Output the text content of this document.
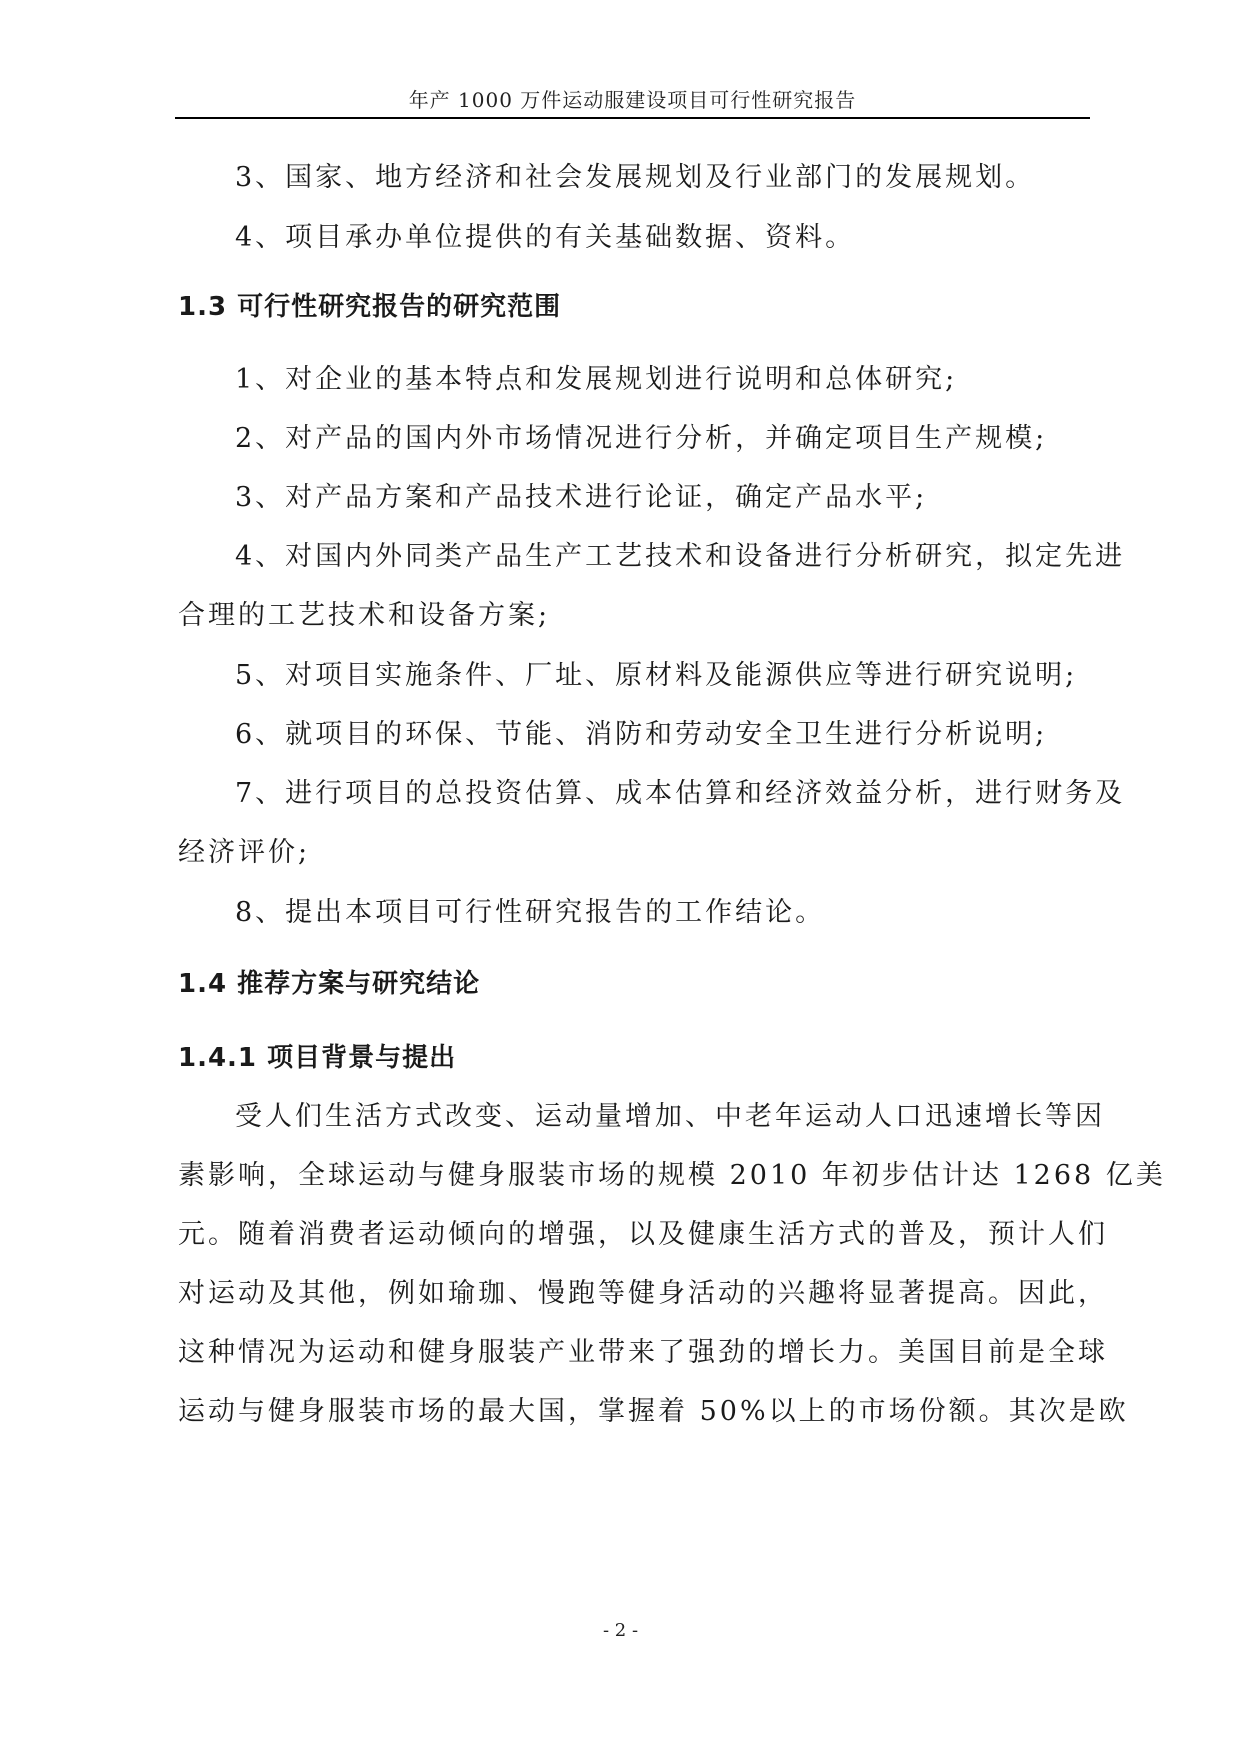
年产 1000 万件运动服建设项目可行性研究报告
3、国家、地方经济和社会发展规划及行业部门的发展规划。
4、项目承办单位提供的有关基础数据、资料。
1.3 可行性研究报告的研究范围
1、对企业的基本特点和发展规划进行说明和总体研究;
2、对产品的国内外市场情况进行分析，并确定项目生产规模;
3、对产品方案和产品技术进行论证，确定产品水平;
4、对国内外同类产品生产工艺技术和设备进行分析研究，拟定先进
合理的工艺技术和设备方案;
5、对项目实施条件、厂址、原材料及能源供应等进行研究说明;
6、就项目的环保、节能、消防和劳动安全卫生进行分析说明;
7、进行项目的总投资估算、成本估算和经济效益分析，进行财务及
经济评价;
8、提出本项目可行性研究报告的工作结论。
1.4 推荐方案与研究结论
1.4.1 项目背景与提出
受人们生活方式改变、运动量增加、中老年运动人口迅速增长等因
素影响，全球运动与健身服装市场的规模 2010 年初步估计达 1268 亿美
元。随着消费者运动倾向的增强，以及健康生活方式的普及，预计人们
对运动及其他，例如瑜珈、慢跑等健身活动的兴趣将显著提高。因此，
这种情况为运动和健身服装产业带来了强劲的增长力。美国目前是全球
运动与健身服装市场的最大国，掌握着 50%以上的市场份额。其次是欧
- 2 -
